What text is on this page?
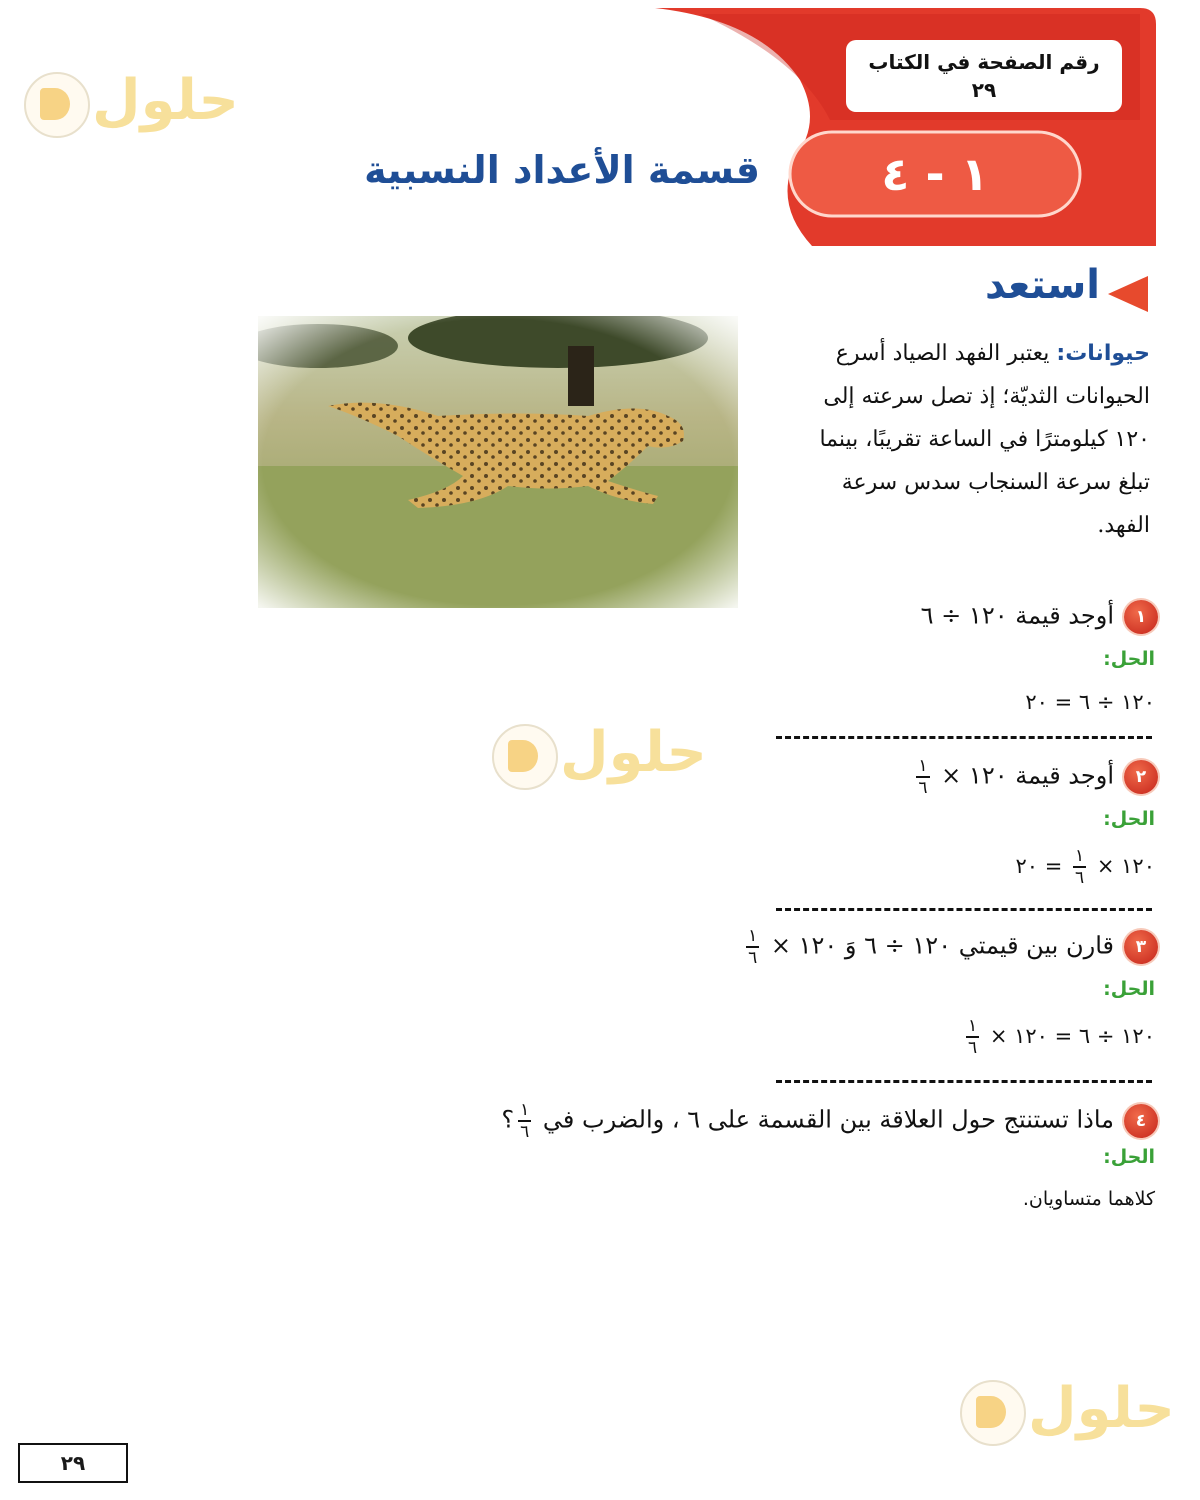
رقم الصفحة في الكتاب
٢٩
١ - ٤
قسمة الأعداد النسبية
استعد
حيوانات: يعتبر الفهد الصياد أسرع الحيوانات الثديّة؛ إذ تصل سرعته إلى ١٢٠ كيلومترًا في الساعة تقريبًا، بينما تبلغ سرعة السنجاب سدس سرعة الفهد.
١أوجد قيمة ١٢٠ ÷ ٦
الحل:
١٢٠ ÷ ٦ = ٢٠
٢أوجد قيمة ١٢٠ ×
$\frac{١}{٦}$
الحل:
١٢٠ ×
$\frac{١}{٦}$
= ٢٠
٣قارن بين قيمتي ١٢٠ ÷ ٦ وَ ١٢٠ ×
$\frac{١}{٦}$
الحل:
١٢٠ ÷ ٦ = ١٢٠ ×
$\frac{١}{٦}$
٤ماذا تستنتج حول العلاقة بين القسمة على ٦ ، والضرب في
$\frac{١}{٦}$
؟
الحل:
كلاهما متساويان.
حلول
حلول
حلول
٢٩
